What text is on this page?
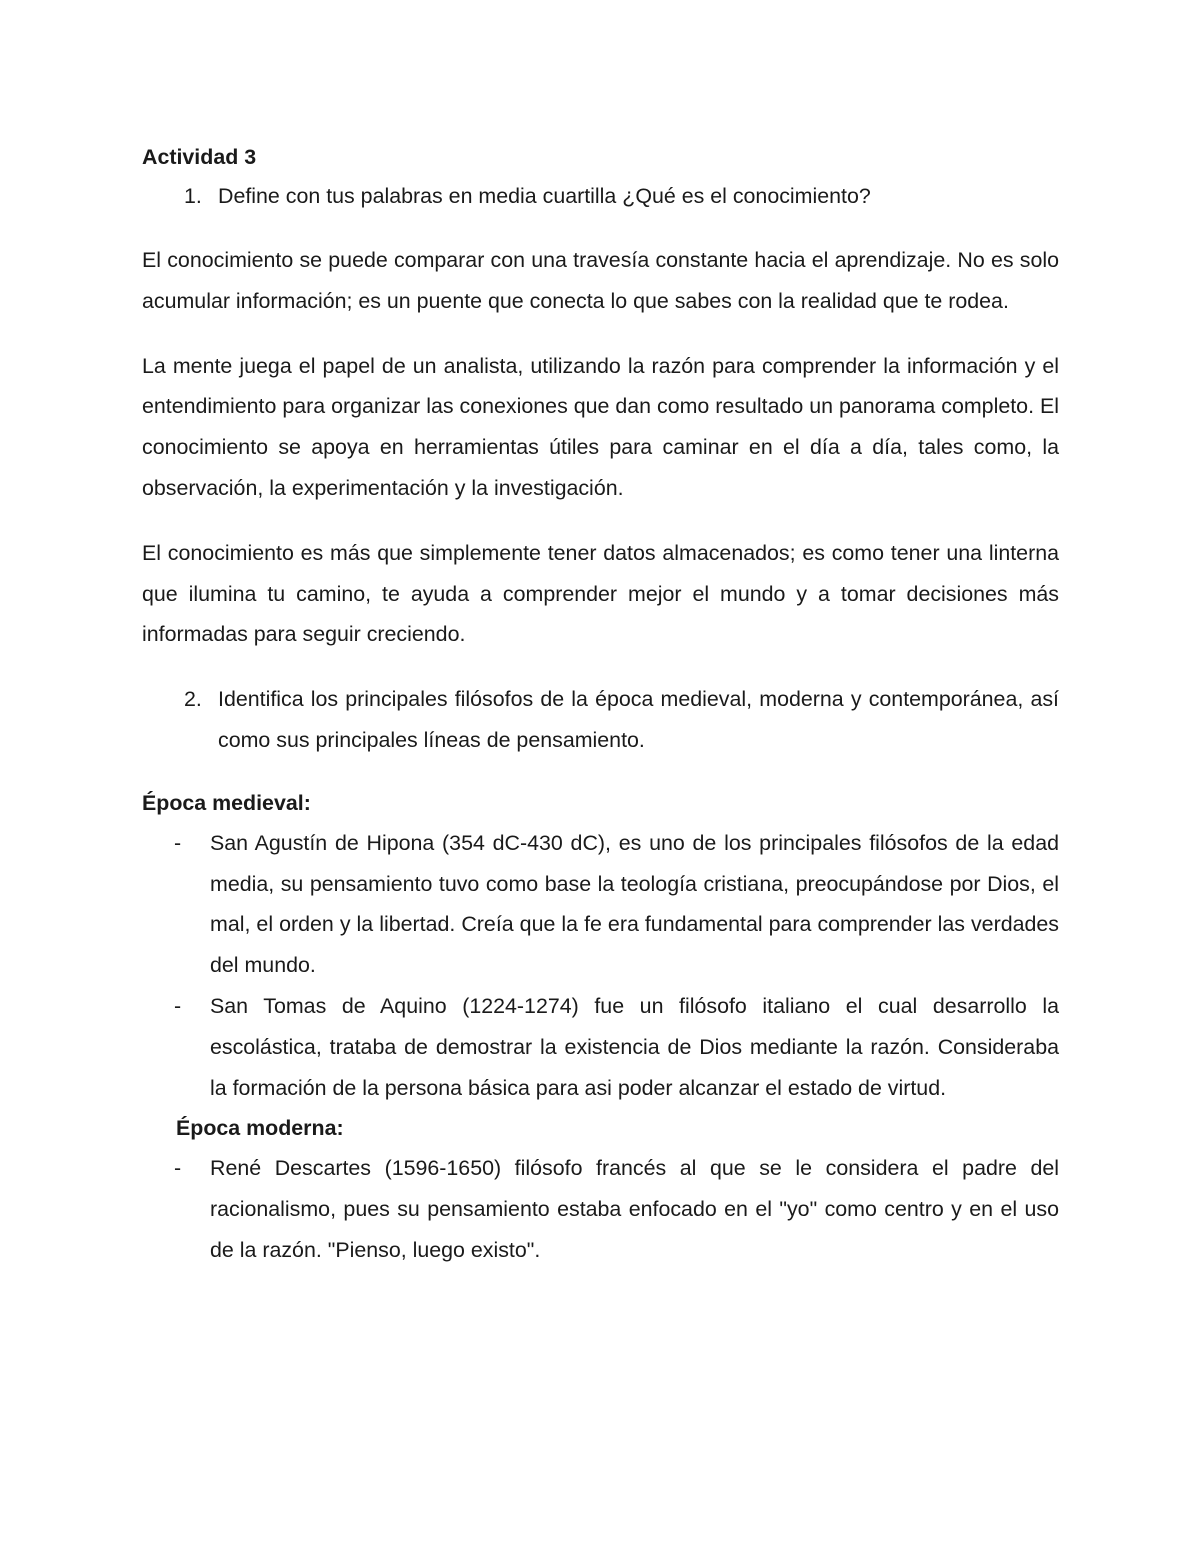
Actividad 3

1. Define con tus palabras en media cuartilla ¿Qué es el conocimiento?

El conocimiento se puede comparar con una travesía constante hacia el aprendizaje. No es solo acumular información; es un puente que conecta lo que sabes con la realidad que te rodea.

La mente juega el papel de un analista, utilizando la razón para comprender la información y el entendimiento para organizar las conexiones que dan como resultado un panorama completo. El conocimiento se apoya en herramientas útiles para caminar en el día a día, tales como, la observación, la experimentación y la investigación.

El conocimiento es más que simplemente tener datos almacenados; es como tener una linterna que ilumina tu camino, te ayuda a comprender mejor el mundo y a tomar decisiones más informadas para seguir creciendo.

2. Identifica los principales filósofos de la época medieval, moderna y contemporánea, así como sus principales líneas de pensamiento.

Época medieval:

-	San Agustín de Hipona (354 dC-430 dC), es uno de los principales filósofos de la edad media, su pensamiento tuvo como base la teología cristiana, preocupándose por Dios, el mal, el orden y la libertad. Creía que la fe era fundamental para comprender las verdades del mundo.
-	San Tomas de Aquino (1224-1274) fue un filósofo italiano el cual desarrollo la escolástica, trataba de demostrar la existencia de Dios mediante la razón. Consideraba la formación de la persona básica para asi poder alcanzar el estado de virtud.

Época moderna:

-	René Descartes (1596-1650) filósofo francés al que se le considera el padre del racionalismo, pues su pensamiento estaba enfocado en el "yo" como centro y en el uso de la razón. "Pienso, luego existo".
